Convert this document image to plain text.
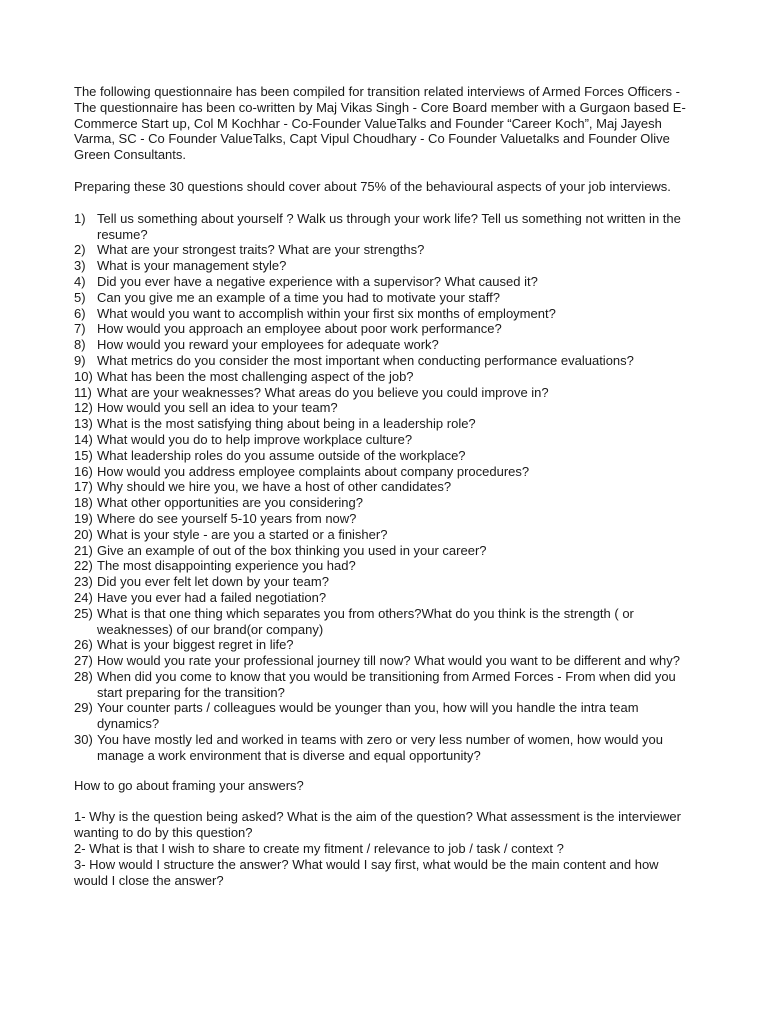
The following questionnaire has been compiled for transition related interviews of Armed Forces Officers - The questionnaire has been co-written by Maj Vikas Singh - Core Board member with a Gurgaon based E-Commerce Start up, Col M Kochhar - Co-Founder ValueTalks and Founder “Career Koch”, Maj Jayesh Varma, SC - Co Founder ValueTalks, Capt Vipul Choudhary - Co Founder Valuetalks and Founder Olive Green Consultants.

Preparing these 30 questions should cover about 75% of the behavioural aspects of your job interviews.

1) Tell us something about yourself ? Walk us through your work life? Tell us something not written in the resume?
2) What are your strongest traits? What are your strengths?
3) What is your management style?
4) Did you ever have a negative experience with a supervisor? What caused it?
5) Can you give me an example of a time you had to motivate your staff?
6) What would you want to accomplish within your first six months of employment?
7) How would you approach an employee about poor work performance?
8) How would you reward your employees for adequate work?
9) What metrics do you consider the most important when conducting performance evaluations?
10) What has been the most challenging aspect of the job?
11) What are your weaknesses? What areas do you believe you could improve in?
12) How would you sell an idea to your team?
13) What is the most satisfying thing about being in a leadership role?
14) What would you do to help improve workplace culture?
15) What leadership roles do you assume outside of the workplace?
16) How would you address employee complaints about company procedures?
17) Why should we hire you, we have a host of other candidates?
18) What other opportunities are you considering?
19) Where do see yourself 5-10 years from now?
20) What is your style - are you a started or a finisher?
21) Give an example of out of the box thinking you used in your career?
22) The most disappointing experience you had?
23) Did you ever felt let down by your team?
24) Have you ever had a failed negotiation?
25) What is that one thing which separates you from others?What do you think is the strength ( or weaknesses) of our brand(or company)
26) What is your biggest regret in life?
27) How would you rate your professional journey till now? What would you want to be different and why?
28) When did you come to know that you would be transitioning from Armed Forces - From when did you start preparing for the transition?
29) Your counter parts / colleagues would be younger than you, how will you handle the intra team dynamics?
30) You have mostly led and worked in teams with zero or very less number of women, how would you manage a work environment that is diverse and equal opportunity?

How to go about framing your answers?

1- Why is the question being asked? What is the aim of the question? What assessment is the interviewer wanting to do by this question?

2- What is that I wish to share to create my fitment / relevance to job / task / context ?

3- How would I structure the answer? What would I say first, what would be the main content and how would I close the answer?
